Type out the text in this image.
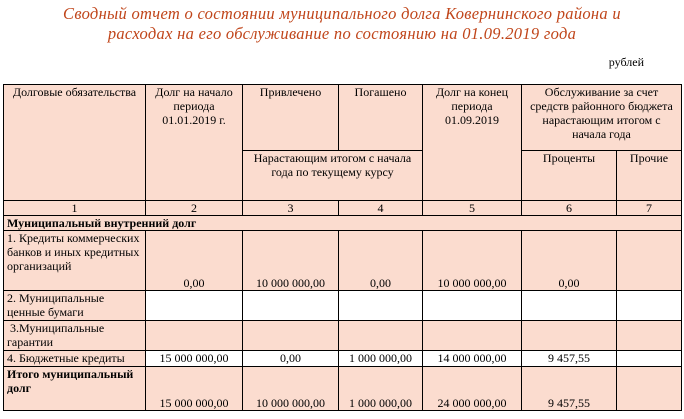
Сводный отчет о состоянии муниципального долга Ковернинского района и
расходах на его обслуживание по состоянию на 01.09.2019 года
рублей
Долговые обязательства	Долг на начало периода 01.01.2019 г.	Привлечено	Погашено	Долг на конец периода 01.09.2019	Обслуживание за счет средств районного бюджета нарастающим итогом с начала года	
		Нарастающим итогом с начала года по текущему курсу			Проценты	Прочие
1	2	3	4	5	6	7
Муниципальный внутренний долг						
1. Кредиты коммерческих банков и иных кредитных организаций	0,00	10 000 000,00	0,00	10 000 000,00	0,00	
2. Муниципальные ценные бумаги						
3.Муниципальные гарантии						
4. Бюджетные кредиты	15 000 000,00	0,00	1 000 000,00	14 000 000,00	9 457,55	
Итого муниципальный долг	15 000 000,00	10 000 000,00	1 000 000,00	24 000 000,00	9 457,55	
